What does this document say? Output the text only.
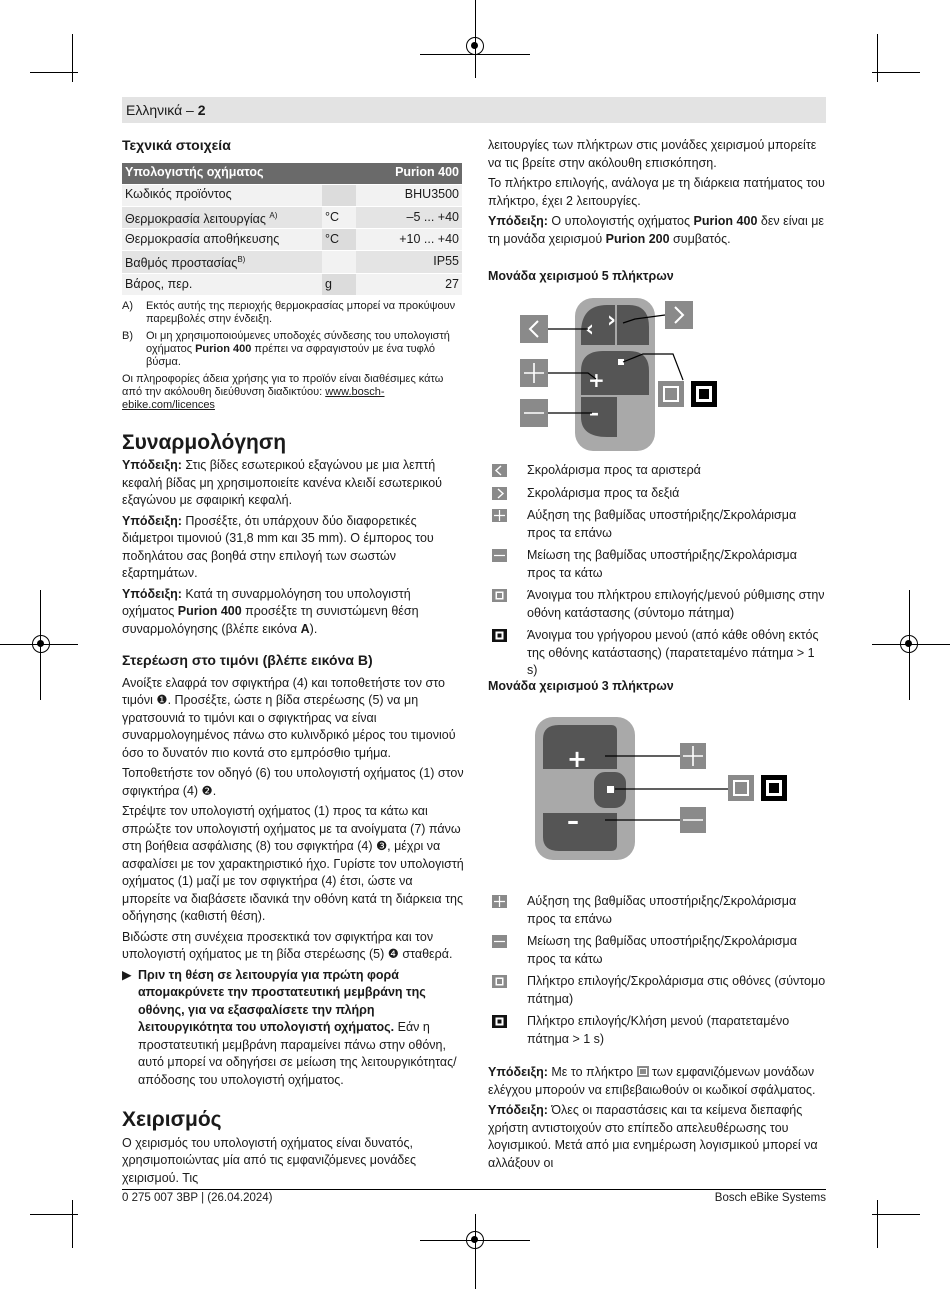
Ελληνικά – 2
Τεχνικά στοιχεία
Υπολογιστής οχήματος		Purion 400
Κωδικός προϊόντος		BHU3500
Θερμοκρασία λειτουργίας $^{A)}$	°C	–5 ... +40
Θερμοκρασία αποθήκευσης	°C	+10 ... +40
Βαθμός προστασίας$^{B)}$		IP55
Βάρος, περ.	g	27
A)	Εκτός αυτής της περιοχής θερμοκρασίας μπορεί να προκύψουν παρεμβολές στην ένδειξη.
B)	Οι μη χρησιμοποιούμενες υποδοχές σύνδεσης του υπολογιστή οχήματος Purion 400 πρέπει να σφραγιστούν με ένα τυφλό βύσμα.
Οι πληροφορίες άδεια χρήσης για το προϊόν είναι διαθέσιμες κάτω από την ακόλουθη διεύθυνση διαδικτύου: www.bosch-ebike.com/licences
Συναρμολόγηση

Υπόδειξη: Στις βίδες εσωτερικού εξαγώνου με μια λεπτή κεφαλή βίδας μη χρησιμοποιείτε κανένα κλειδί εσωτερικού εξαγώνου με σφαιρική κεφαλή.

Υπόδειξη: Προσέξτε, ότι υπάρχουν δύο διαφορετικές διάμετροι τιμονιού (31,8 mm και 35 mm). Ο έμπορος του ποδηλάτου σας βοηθά στην επιλογή των σωστών εξαρτημάτων.

Υπόδειξη: Κατά τη συναρμολόγηση του υπολογιστή οχήματος Purion 400 προσέξτε τη συνιστώμενη θέση συναρμολόγησης (βλέπε εικόνα A).

Στερέωση στο τιμόνι (βλέπε εικόνα B)

Ανοίξτε ελαφρά τον σφιγκτήρα (4) και τοποθετήστε τον στο τιμόνι ❶. Προσέξτε, ώστε η βίδα στερέωσης (5) να μη γρατσουνιά το τιμόνι και ο σφιγκτήρας να είναι συναρμολογημένος πάνω στο κυλινδρικό μέρος του τιμονιού όσο το δυνατόν πιο κοντά στο εμπρόσθιο τμήμα.

Τοποθετήστε τον οδηγό (6) του υπολογιστή οχήματος (1) στον σφιγκτήρα (4) ❷.

Στρέψτε τον υπολογιστή οχήματος (1) προς τα κάτω και σπρώξτε τον υπολογιστή οχήματος με τα ανοίγματα (7) πάνω στη βοήθεια ασφάλισης (8) του σφιγκτήρα (4) ❸, μέχρι να ασφαλίσει με τον χαρακτηριστικό ήχο. Γυρίστε τον υπολογιστή οχήματος (1) μαζί με τον σφιγκτήρα (4) έτσι, ώστε να μπορείτε να διαβάσετε ιδανικά την οθόνη κατά τη διάρκεια της οδήγησης (καθιστή θέση).

Βιδώστε στη συνέχεια προσεκτικά τον σφιγκτήρα και τον υπολογιστή οχήματος με τη βίδα στερέωσης (5) ❹ σταθερά.

▶ Πριν τη θέση σε λειτουργία για πρώτη φορά απομακρύνετε την προστατευτική μεμβράνη της οθόνης, για να εξασφαλίσετε την πλήρη λειτουργικότητα του υπολογιστή οχήματος. Εάν η προστατευτική μεμβράνη παραμείνει πάνω στην οθόνη, αυτό μπορεί να οδηγήσει σε μείωση της λειτουργικότητας/απόδοσης του υπολογιστή οχήματος.
Χειρισμός

Ο χειρισμός του υπολογιστή οχήματος είναι δυνατός, χρησιμοποιώντας μία από τις εμφανιζόμενες μονάδες χειρισμού. Τις

λειτουργίες των πλήκτρων στις μονάδες χειρισμού μπορείτε να τις βρείτε στην ακόλουθη επισκόπηση.

Το πλήκτρο επιλογής, ανάλογα με τη διάρκεια πατήματος του πλήκτρο, έχει 2 λειτουργίες.

Υπόδειξη: Ο υπολογιστής οχήματος Purion 400 δεν είναι με τη μονάδα χειρισμού Purion 200 συμβατός.

Μονάδα χειρισμού 5 πλήκτρων
‹ ›
+
–
Σκρολάρισμα προς τα αριστερά
Σκρολάρισμα προς τα δεξιά
Αύξηση της βαθμίδας υποστήριξης/Σκρολάρισμα προς τα επάνω
Μείωση της βαθμίδας υποστήριξης/Σκρολάρισμα προς τα κάτω
Άνοιγμα του πλήκτρου επιλογής/μενού ρύθμισης στην οθόνη κατάστασης (σύντομο πάτημα)
Άνοιγμα του γρήγορου μενού (από κάθε οθόνη εκτός της οθόνης κατάστασης) (παρατεταμένο πάτημα > 1 s)
Μονάδα χειρισμού 3 πλήκτρων
+
–
Αύξηση της βαθμίδας υποστήριξης/Σκρολάρισμα προς τα επάνω
Μείωση της βαθμίδας υποστήριξης/Σκρολάρισμα προς τα κάτω
Πλήκτρο επιλογής/Σκρολάρισμα στις οθόνες (σύντομο πάτημα)
Πλήκτρο επιλογής/Κλήση μενού (παρατεταμένο πάτημα > 1 s)

Υπόδειξη: Με το πλήκτρο
των εμφανιζόμενων μονάδων ελέγχου μπορούν να επιβεβαιωθούν οι κωδικοί σφάλματος.

Υπόδειξη: Όλες οι παραστάσεις και τα κείμενα διεπαφής χρήστη αντιστοιχούν στο επίπεδο απελευθέρωσης του λογισμικού. Μετά από μια ενημέρωση λογισμικού μπορεί να αλλάξουν οι

0 275 007 3BP | (26.04.2024)	Bosch eBike Systems
